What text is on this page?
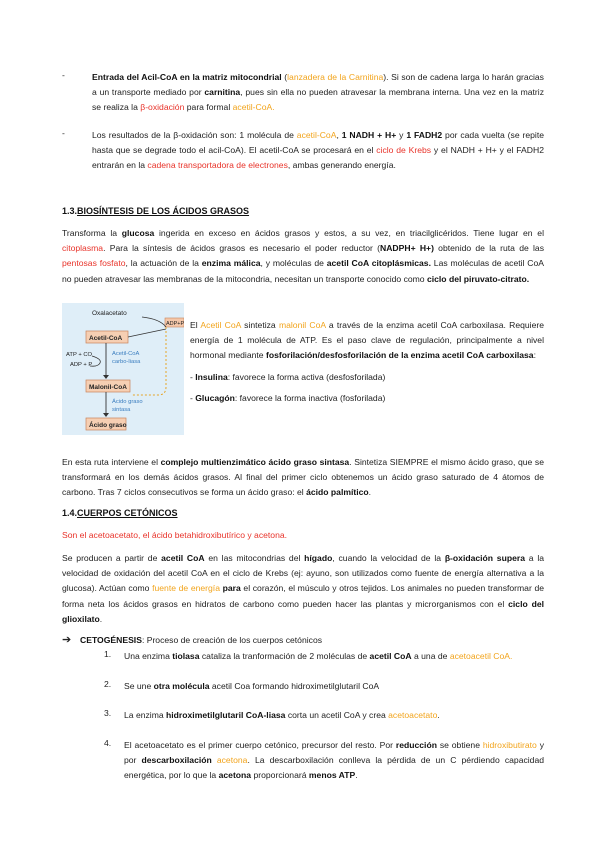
-	Entrada del Acil-CoA en la matriz mitocondrial (lanzadera de la Carnitina). Si son de cadena larga lo harán gracias a un transporte mediado por carnitina, pues sin ella no pueden atravesar la membrana interna. Una vez en la matriz se realiza la β-oxidación para formal acetil-CoA.

-	Los resultados de la β-oxidación son: 1 molécula de acetil-CoA, 1 NADH + H+ y 1 FADH2 por cada vuelta (se repite hasta que se degrade todo el acil-CoA). El acetil-CoA se procesará en el ciclo de Krebs y el NADH + H+ y el FADH2 entrarán en la cadena transportadora de electrones, ambas generando energía.

1.3.BIOSÍNTESIS DE LOS ÁCIDOS GRASOS

Transforma la glucosa ingerida en exceso en ácidos grasos y estos, a su vez, en triacilglicéridos. Tiene lugar en el citoplasma. Para la síntesis de ácidos grasos es necesario el poder reductor (NADPH+ H+) obtenido de la ruta de las pentosas fosfato, la actuación de la enzima málica, y moléculas de acetil CoA citoplásmicas. Las moléculas de acetil CoA no pueden atravesar las membranas de la mitocondria, necesitan un transporte conocido como ciclo del piruvato-citrato.

Oxalacetato
ADP+P
Acetil-CoA
ATP + CO
ADP + P
Acetil-CoA
carbo-liasa
Malonil-CoA
Ácido graso
sintasa
Ácido graso

El Acetil CoA sintetiza malonil CoA a través de la enzima acetil CoA carboxilasa. Requiere energía de 1 molécula de ATP. Es el paso clave de regulación, principalmente a nivel hormonal mediante fosforilación/desfosforilación de la enzima acetil CoA carboxilasa:

- Insulina: favorece la forma activa (desfosforilada)

- Glucagón: favorece la forma inactiva (fosforilada)

En esta ruta interviene el complejo multienzimático ácido graso sintasa. Sintetiza SIEMPRE el mismo ácido graso, que se transformará en los demás ácidos grasos. Al final del primer ciclo obtenemos un ácido graso saturado de 4 átomos de carbono. Tras 7 ciclos consecutivos se forma un ácido graso: el ácido palmítico.

1.4.CUERPOS CETÓNICOS

Son el acetoacetato, el ácido betahidroxibutírico y acetona.

Se producen a partir de acetil CoA en las mitocondrias del hígado, cuando la velocidad de la β-oxidación supera a la velocidad de oxidación del acetil CoA en el ciclo de Krebs (ej: ayuno, son utilizados como fuente de energía alternativa a la glucosa). Actúan como fuente de energía para el corazón, el músculo y otros tejidos. Los animales no pueden transformar de forma neta los ácidos grasos en hidratos de carbono como pueden hacer las plantas y microrganismos con el ciclo del glioxilato.

➔ CETOGÉNESIS: Proceso de creación de los cuerpos cetónicos

1. Una enzima tiolasa cataliza la tranformación de 2 moléculas de acetil CoA a una de acetoacetil CoA.

2. Se une otra molécula acetil Coa formando hidroximetilglutaril CoA

3. La enzima hidroximetilglutaril CoA-liasa corta un acetil CoA y crea acetoacetato.

4. El acetoacetato es el primer cuerpo cetónico, precursor del resto. Por reducción se obtiene hidroxibutirato y por descarboxilación acetona. La descarboxilación conlleva la pérdida de un C pérdiendo capacidad energética, por lo que la acetona proporcionará menos ATP.
